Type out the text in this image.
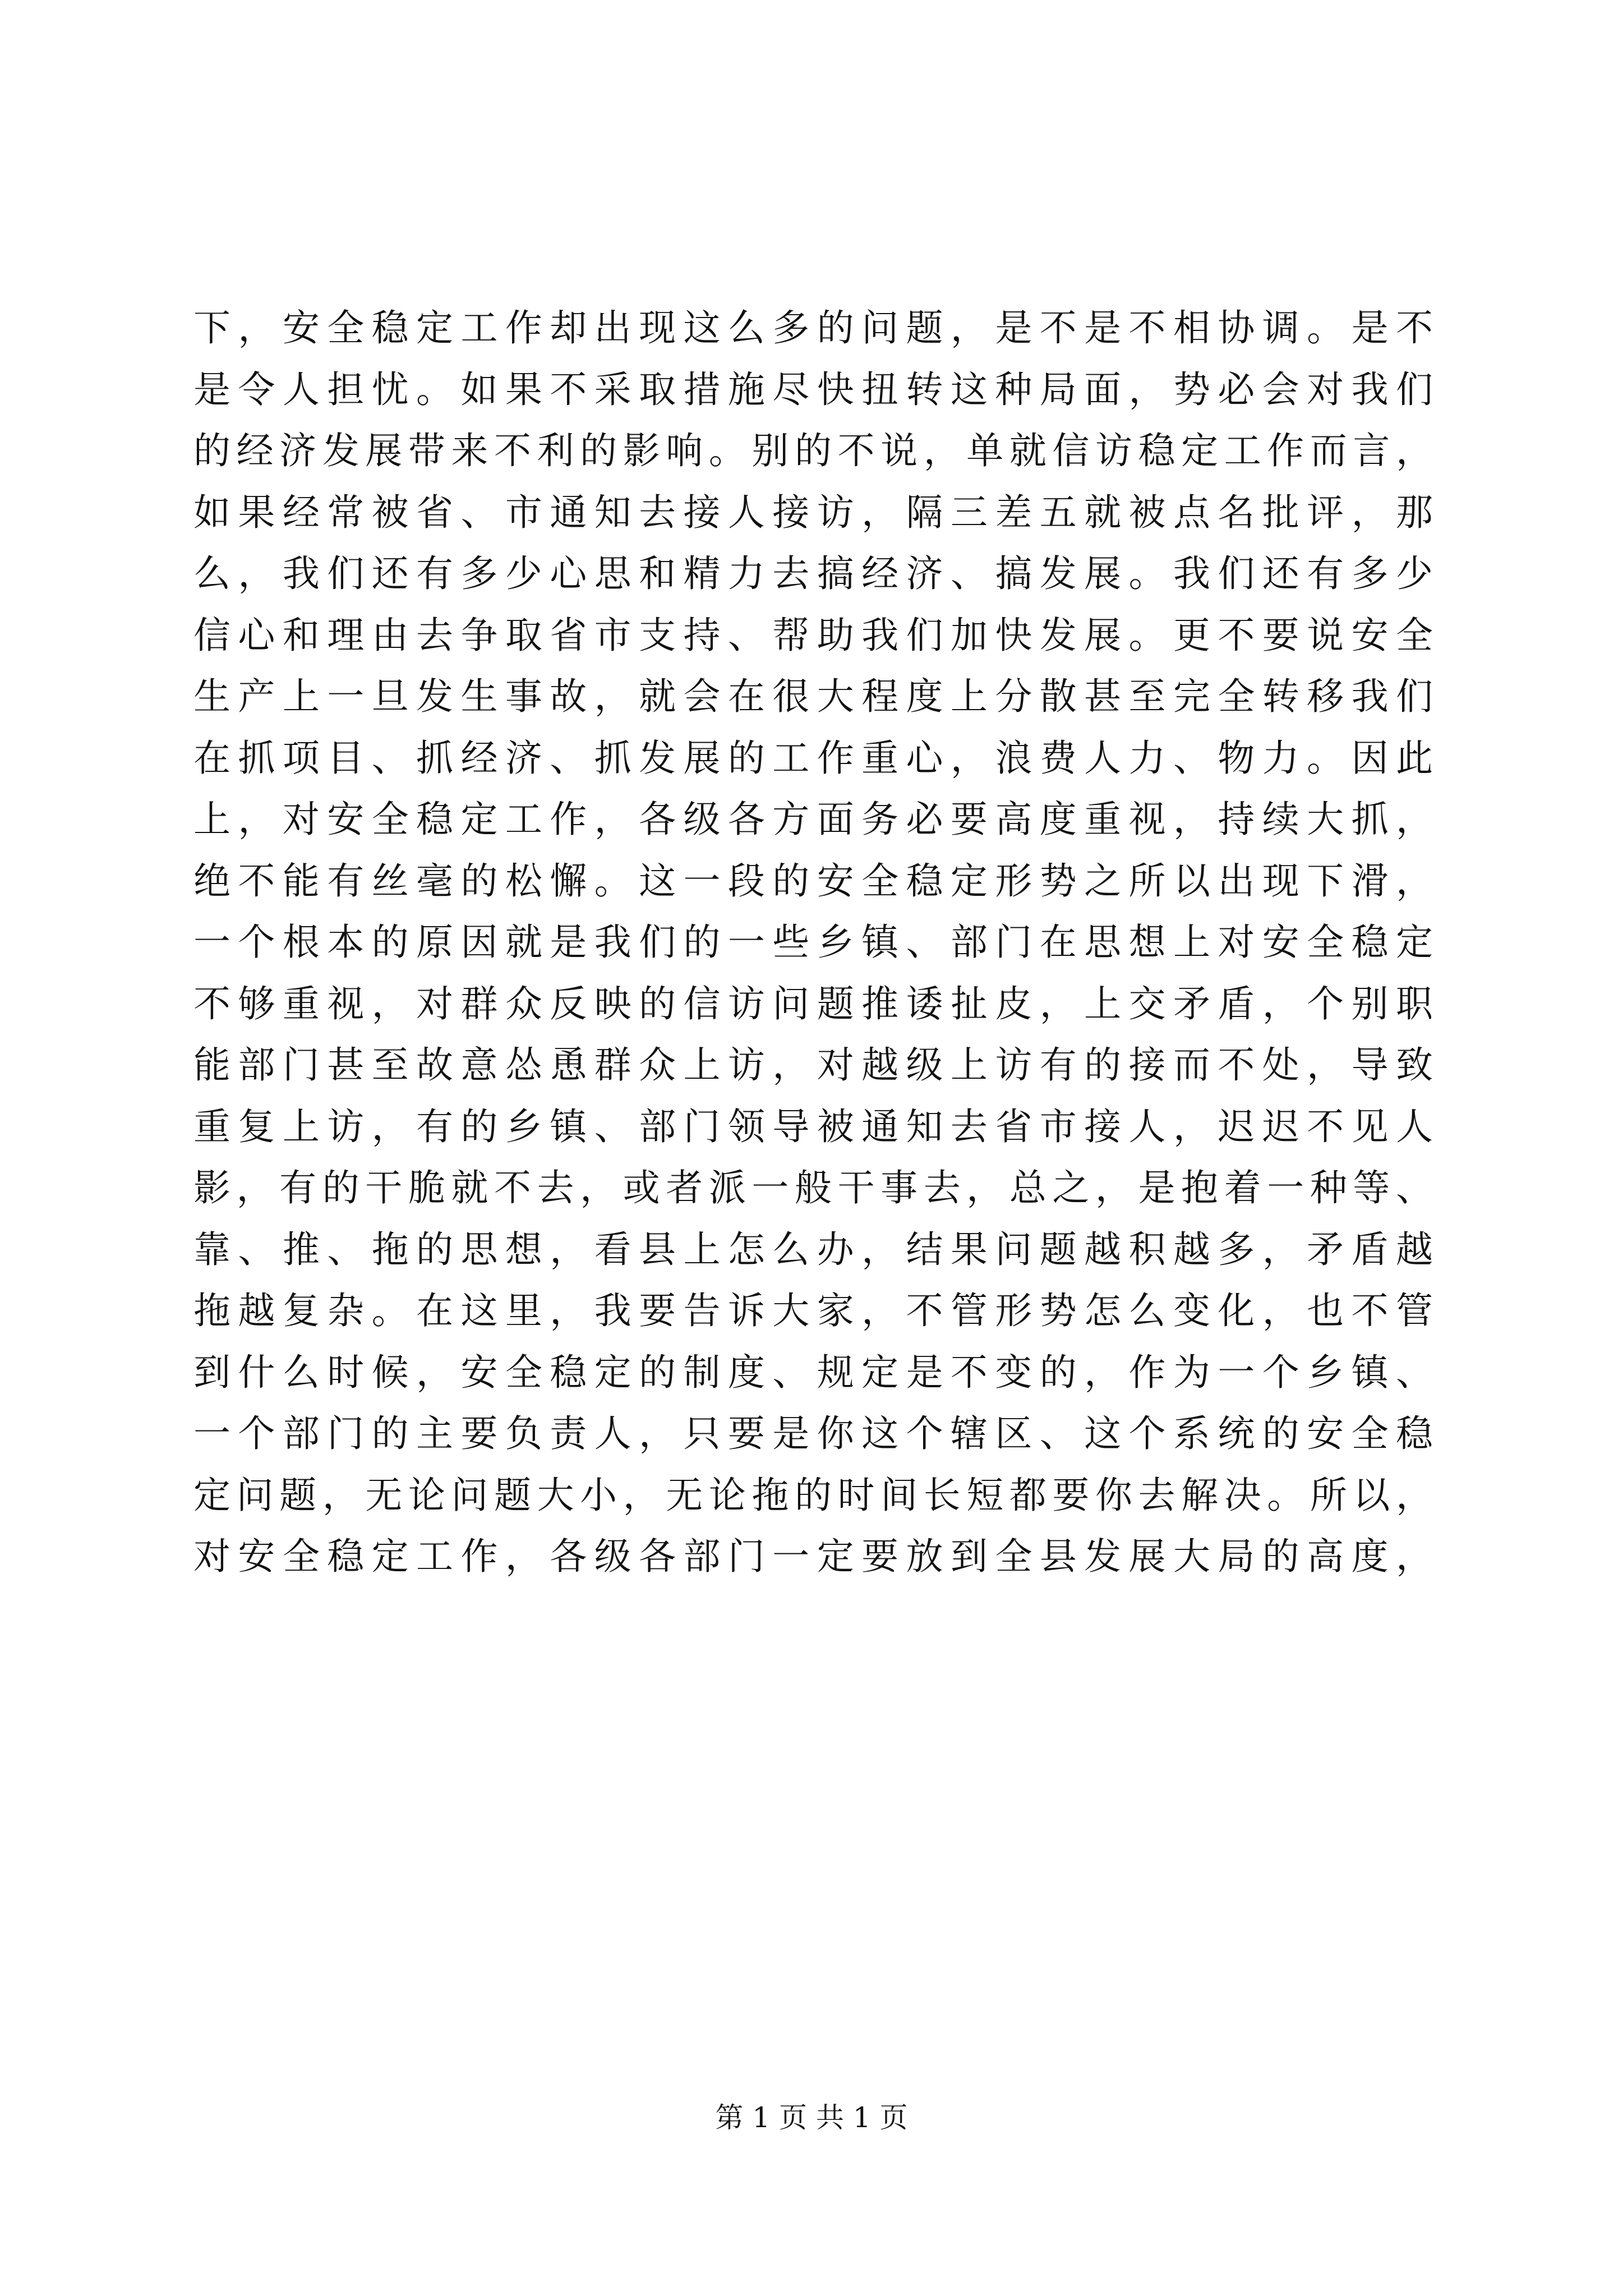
下，安全稳定工作却出现这么多的问题，是不是不相协调。是不
是令人担忧。如果不采取措施尽快扭转这种局面，势必会对我们
的经济发展带来不利的影响。别的不说，单就信访稳定工作而言，
如果经常被省、市通知去接人接访，隔三差五就被点名批评，那
么，我们还有多少心思和精力去搞经济、搞发展。我们还有多少
信心和理由去争取省市支持、帮助我们加快发展。更不要说安全
生产上一旦发生事故，就会在很大程度上分散甚至完全转移我们
在抓项目、抓经济、抓发展的工作重心，浪费人力、物力。因此
上，对安全稳定工作，各级各方面务必要高度重视，持续大抓，
绝不能有丝毫的松懈。这一段的安全稳定形势之所以出现下滑，
一个根本的原因就是我们的一些乡镇、部门在思想上对安全稳定
不够重视，对群众反映的信访问题推诿扯皮，上交矛盾，个别职
能部门甚至故意怂恿群众上访，对越级上访有的接而不处，导致
重复上访，有的乡镇、部门领导被通知去省市接人，迟迟不见人
影，有的干脆就不去，或者派一般干事去，总之，是抱着一种等、
靠、推、拖的思想，看县上怎么办，结果问题越积越多，矛盾越
拖越复杂。在这里，我要告诉大家，不管形势怎么变化，也不管
到什么时候，安全稳定的制度、规定是不变的，作为一个乡镇、
一个部门的主要负责人，只要是你这个辖区、这个系统的安全稳
定问题，无论问题大小，无论拖的时间长短都要你去解决。所以，
对安全稳定工作，各级各部门一定要放到全县发展大局的高度，
第 1 页 共 1 页
